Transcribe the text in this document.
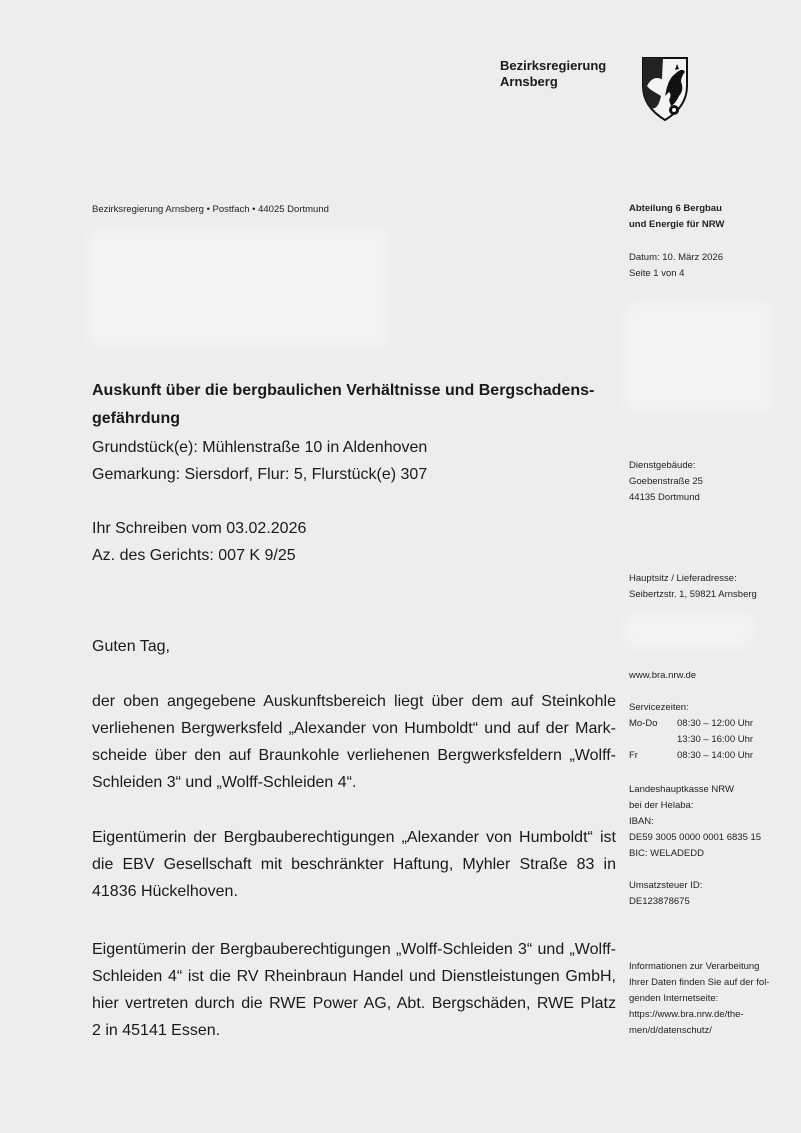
Bezirksregierung
Arnsberg
Bezirksregierung Arnsberg • Postfach • 44025 Dortmund	Abteilung 6 Bergbau
und Energie für NRW
Datum: 10. März 2026
Seite 1 von 4
Dienstgebäude:
Goebenstraße 25
44135 Dortmund
Hauptsitz / Lieferadresse:
Seibertzstr. 1, 59821 Arnsberg
www.bra.nrw.de
Servicezeiten:
Mo-Do	08:30 – 12:00 Uhr
13:30 – 16:00 Uhr
Fr	08:30 – 14:00 Uhr
Landeshauptkasse NRW
bei der Helaba:
IBAN:
DE59 3005 0000 0001 6835 15
BIC: WELADEDD
Umsatzsteuer ID:
DE123878675
Informationen zur Verarbeitung
Ihrer Daten finden Sie auf der fol-
genden Internetseite:
https://www.bra.nrw.de/the-
men/d/datenschutz/
Auskunft über die bergbaulichen Verhältnisse und Bergschadens-
gefährdung
Grundstück(e): Mühlenstraße 10 in Aldenhoven
Gemarkung: Siersdorf, Flur: 5, Flurstück(e) 307
Ihr Schreiben vom 03.02.2026
Az. des Gerichts: 007 K 9/25
Guten Tag,
der oben angegebene Auskunftsbereich liegt über dem auf Steinkohle
verliehenen Bergwerksfeld „Alexander von Humboldt“ und auf der Mark-
scheide über den auf Braunkohle verliehenen Bergwerksfeldern „Wolff-
Schleiden 3“ und „Wolff-Schleiden 4“.
Eigentümerin der Bergbauberechtigungen „Alexander von Humboldt“ ist
die EBV Gesellschaft mit beschränkter Haftung, Myhler Straße 83 in
41836 Hückelhoven.
Eigentümerin der Bergbauberechtigungen „Wolff-Schleiden 3“ und „Wolff-
Schleiden 4“ ist die RV Rheinbraun Handel und Dienstleistungen GmbH,
hier vertreten durch die RWE Power AG, Abt. Bergschäden, RWE Platz
2 in 45141 Essen.
